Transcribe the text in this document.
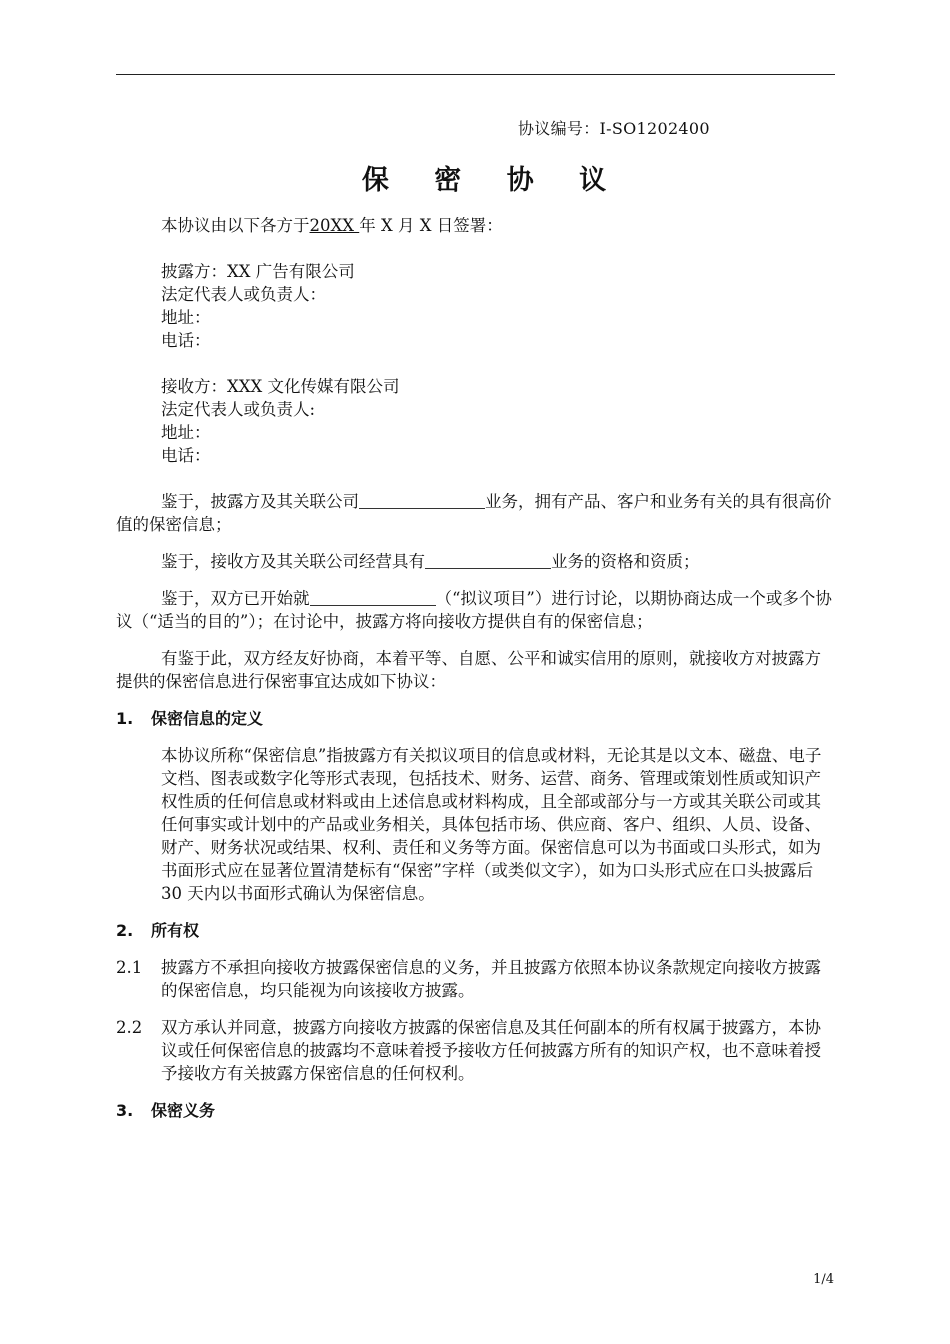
协议编号：I-SO1202400
保 密 协 议

本协议由以下各方于20XX 年 X 月 X 日签署：

披露方：XX 广告有限公司

法定代表人或负责人：

地址：

电话：

接收方：XXX 文化传媒有限公司

法定代表人或负责人:

地址：

电话：

鉴于，披露方及其关联公司	业务，拥有产品、客户和业务有关的具有很高价值的保密信息；

鉴于，接收方及其关联公司经营具有	业务的资格和资质；

鉴于，双方已开始就	（“拟议项目”）进行讨论，以期协商达成一个或多个协议（“适当的目的”）；在讨论中，披露方将向接收方提供自有的保密信息；

有鉴于此，双方经友好协商，本着平等、自愿、公平和诚实信用的原则，就接收方对披露方提供的保密信息进行保密事宜达成如下协议：

1. 保密信息的定义

本协议所称“保密信息”指披露方有关拟议项目的信息或材料，无论其是以文本、磁盘、电子文档、图表或数字化等形式表现，包括技术、财务、运营、商务、管理或策划性质或知识产权性质的任何信息或材料或由上述信息或材料构成，且全部或部分与一方或其关联公司或其任何事实或计划中的产品或业务相关，具体包括市场、供应商、客户、组织、人员、设备、财产、财务状况或结果、权利、责任和义务等方面。保密信息可以为书面或口头形式，如为书面形式应在显著位置清楚标有“保密”字样（或类似文字），如为口头形式应在口头披露后 30 天内以书面形式确认为保密信息。

2. 所有权

2.1	披露方不承担向接收方披露保密信息的义务，并且披露方依照本协议条款规定向接收方披露的保密信息，均只能视为向该接收方披露。
2.2	双方承认并同意，披露方向接收方披露的保密信息及其任何副本的所有权属于披露方，本协议或任何保密信息的披露均不意味着授予接收方任何披露方所有的知识产权，也不意味着授予接收方有关披露方保密信息的任何权利。

3. 保密义务

1/4
